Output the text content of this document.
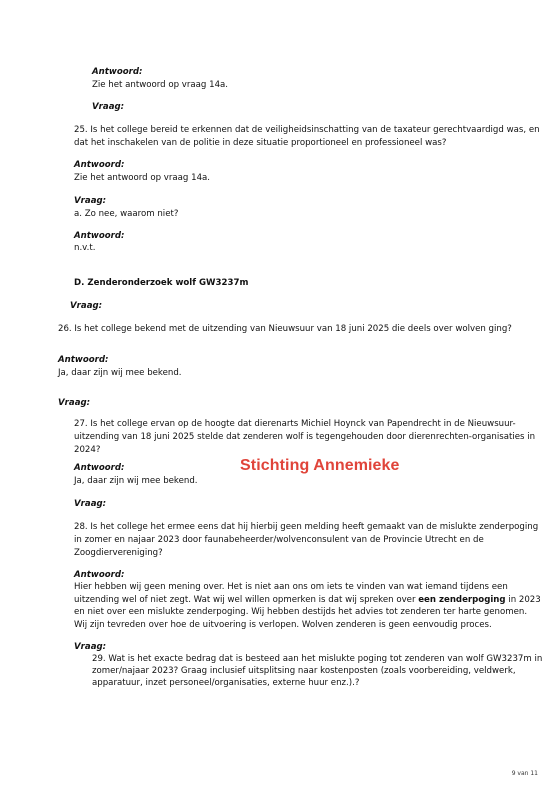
Antwoord:
Zie het antwoord op vraag 14a.
Vraag:
25. Is het college bereid te erkennen dat de veiligheidsinschatting van de taxateur gerechtvaardigd was, en
dat het inschakelen van de politie in deze situatie proportioneel en professioneel was?
Antwoord:
Zie het antwoord op vraag 14a.
Vraag:
a. Zo nee, waarom niet?
Antwoord:
n.v.t.
D. Zenderonderzoek wolf GW3237m
Vraag:
26. Is het college bekend met de uitzending van Nieuwsuur van 18 juni 2025 die deels over wolven ging?
Antwoord:
Ja, daar zijn wij mee bekend.
Vraag:
27. Is het college ervan op de hoogte dat dierenarts Michiel Hoynck van Papendrecht in de Nieuwsuur-
uitzending van 18 juni 2025 stelde dat zenderen wolf is tegengehouden door dierenrechten-organisaties in
2024?
Antwoord:
Ja, daar zijn wij mee bekend.
Stichting Annemieke
Vraag:
28. Is het college het ermee eens dat hij hierbij geen melding heeft gemaakt van de mislukte zenderpoging
in zomer en najaar 2023 door faunabeheerder/wolvenconsulent van de Provincie Utrecht en de
Zoogdiervereniging?
Antwoord:
Hier hebben wij geen mening over. Het is niet aan ons om iets te vinden van wat iemand tijdens een
uitzending wel of niet zegt. Wat wij wel willen opmerken is dat wij spreken over een zenderpoging in 2023
en niet over een mislukte zenderpoging. Wij hebben destijds het advies tot zenderen ter harte genomen.
Wij zijn tevreden over hoe de uitvoering is verlopen. Wolven zenderen is geen eenvoudig proces.
Vraag:
29. Wat is het exacte bedrag dat is besteed aan het mislukte poging tot zenderen van wolf GW3237m in
zomer/najaar 2023? Graag inclusief uitsplitsing naar kostenposten (zoals voorbereiding, veldwerk,
apparatuur, inzet personeel/organisaties, externe huur enz.).?
9 van 11
